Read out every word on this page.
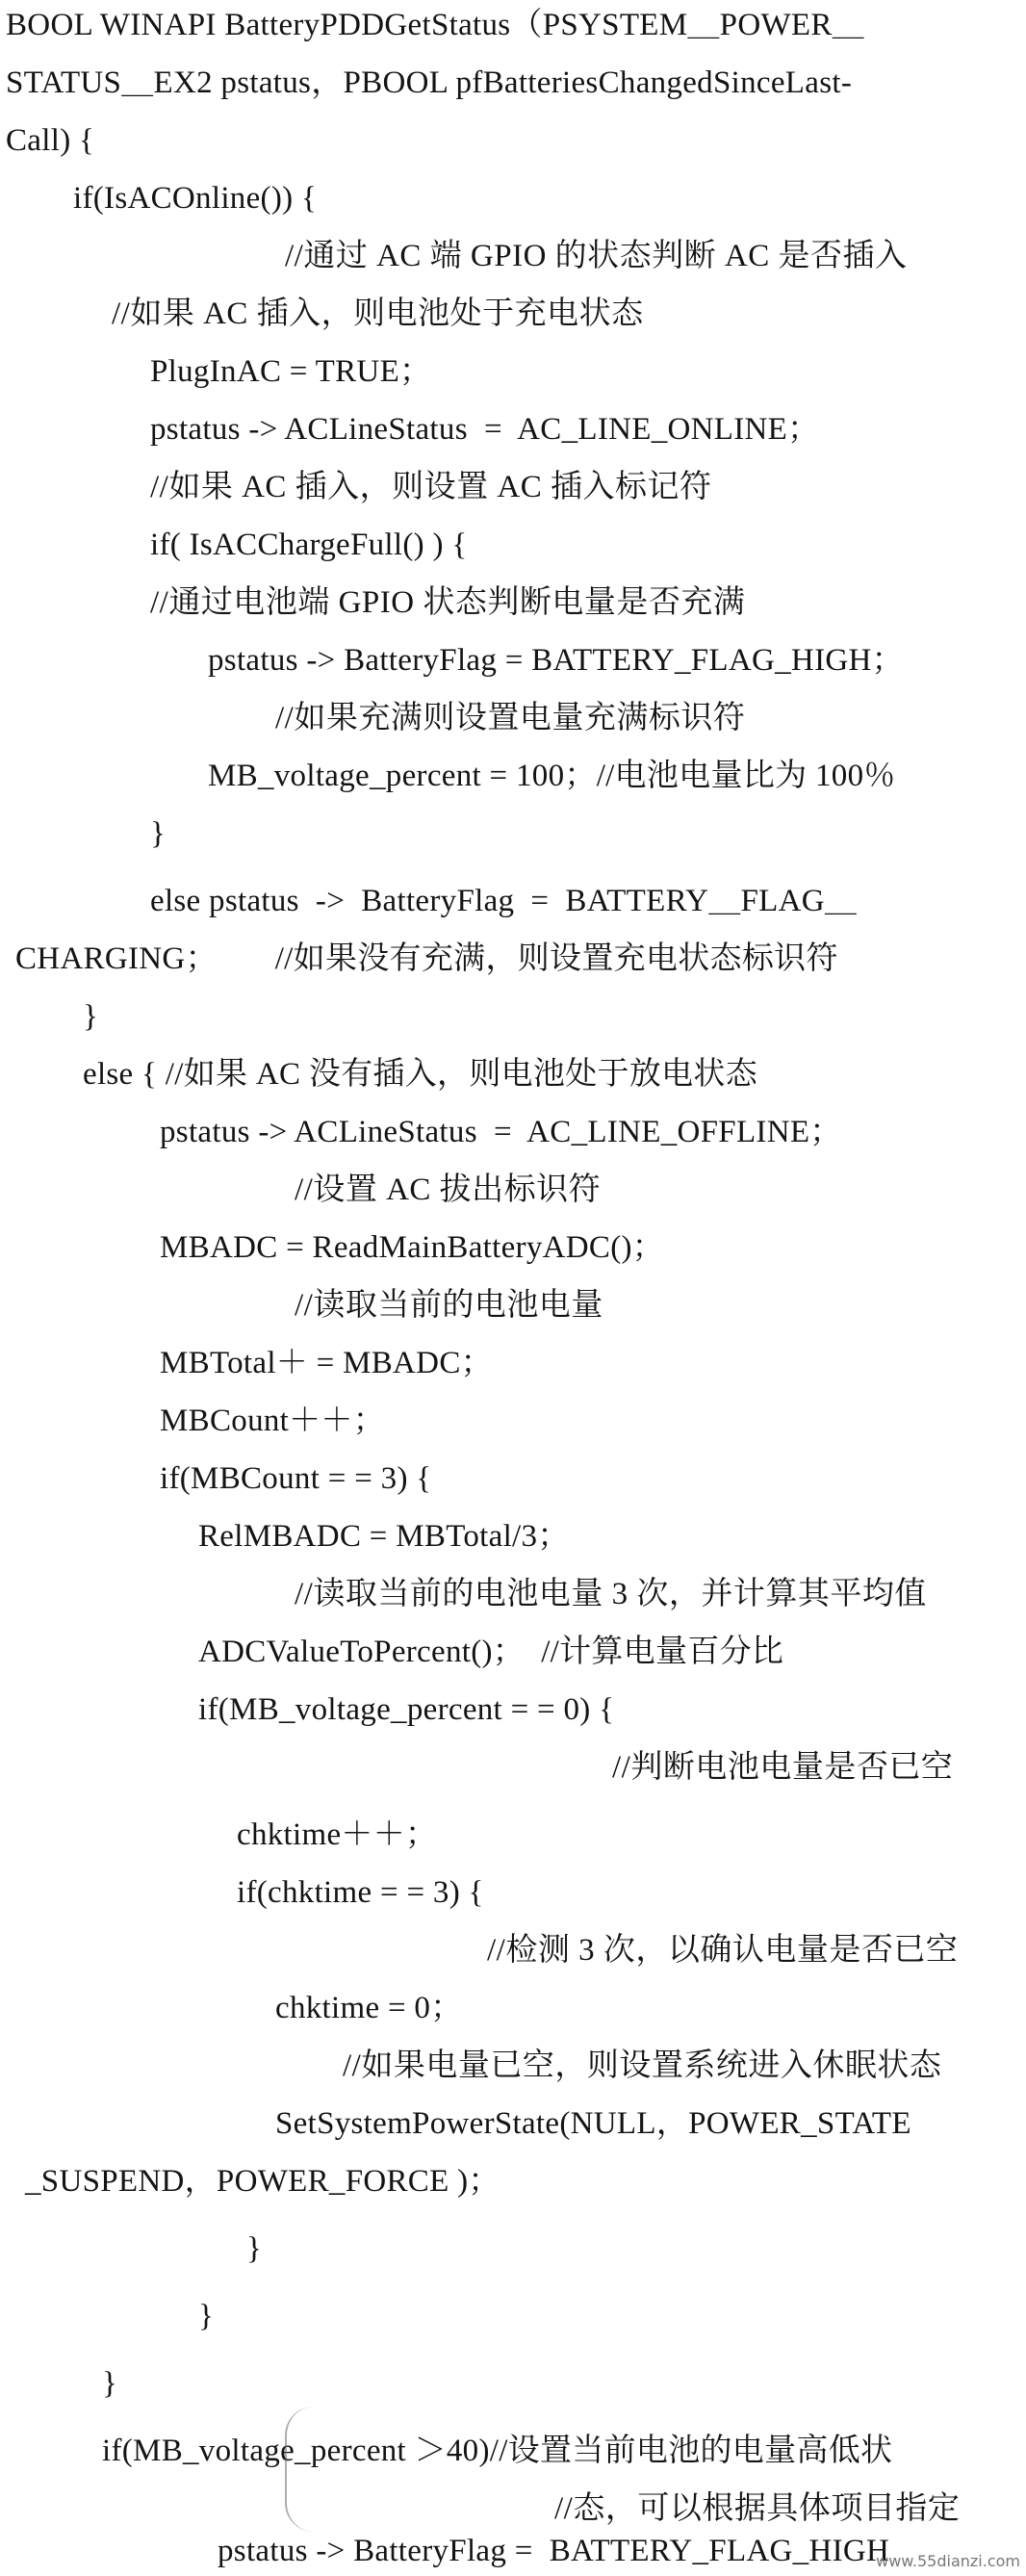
BOOL WINAPI BatteryPDDGetStatus（PSYSTEM＿POWER＿
STATUS＿EX2 pstatus，PBOOL pfBatteriesChangedSinceLast-
Call) {
if(IsACOnline()) {
//通过 AC 端 GPIO 的状态判断 AC 是否插入
//如果 AC 插入，则电池处于充电状态
PlugInAC = TRUE；
pstatus -> ACLineStatus  =  AC_LINE_ONLINE；
//如果 AC 插入，则设置 AC 插入标记符
if( IsACChargeFull() ) {
//通过电池端 GPIO 状态判断电量是否充满
pstatus -> BatteryFlag = BATTERY_FLAG_HIGH；
//如果充满则设置电量充满标识符
MB_voltage_percent = 100；//电池电量比为 100％
}
else pstatus  ->  BatteryFlag  =  BATTERY＿FLAG＿
CHARGING；       //如果没有充满，则设置充电状态标识符
}
else { //如果 AC 没有插入，则电池处于放电状态
pstatus -> ACLineStatus  =  AC_LINE_OFFLINE；
//设置 AC 拔出标识符
MBADC = ReadMainBatteryADC()；
//读取当前的电池电量
MBTotal＋ = MBADC；
MBCount＋＋；
if(MBCount = = 3) {
RelMBADC = MBTotal/3；
//读取当前的电池电量 3 次，并计算其平均值
ADCValueToPercent()；  //计算电量百分比
if(MB_voltage_percent = = 0) {
//判断电池电量是否已空
chktime＋＋；
if(chktime = = 3) {
//检测 3 次，以确认电量是否已空
chktime = 0；
//如果电量已空，则设置系统进入休眠状态
SetSystemPowerState(NULL，POWER_STATE
_SUSPEND，POWER_FORCE )；
}
}
}
if(MB_voltage_percent ＞40)//设置当前电池的电量高低状
//态，可以根据具体项目指定
pstatus -> BatteryFlag =  BATTERY_FLAG_HIGH
www.55dianzi.com
